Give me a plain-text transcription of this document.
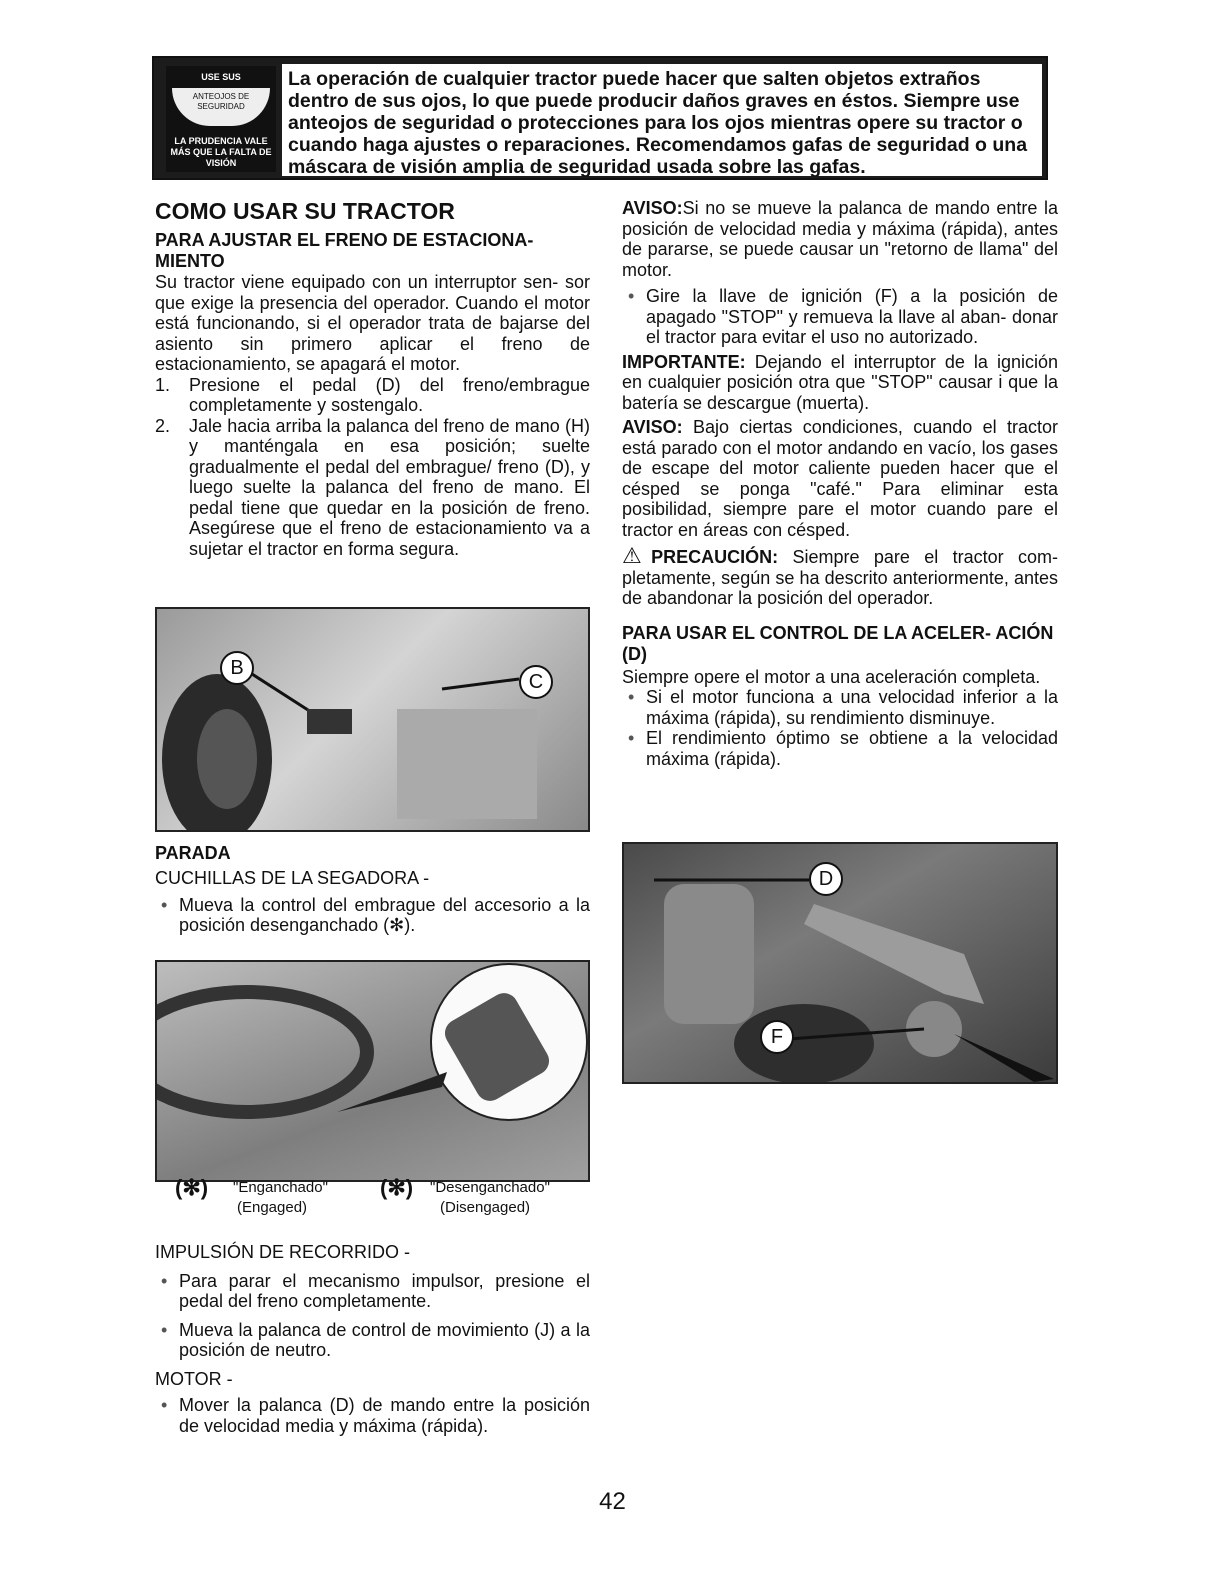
USE SUS
ANTEOJOS DE SEGURIDAD
LA PRUDENCIA VALE MÁS QUE LA FALTA DE VISIÓN
La operación de cualquier tractor puede hacer que salten objetos extraños dentro de sus ojos, lo que puede producir daños graves en éstos. Siempre use anteojos de seguridad o protecciones para los ojos mientras opere su tractor o cuando haga ajustes o reparaciones. Recomendamos gafas de seguridad o una máscara de visión amplia de seguridad usada sobre las gafas.
COMO USAR SU TRACTOR
PARA AJUSTAR EL FRENO DE ESTACIONA- MIENTO

Su tractor viene equipado con un interruptor sen- sor que exige la presencia del operador. Cuando el motor está funcionando, si el operador trata de bajarse del asiento sin primero aplicar el freno de estacionamiento, se apagará el motor.

1.	Presione el pedal (D) del freno/embrague completamente y sostengalo.
2.	Jale hacia arriba la palanca del freno de mano (H) y manténgala en esa posición; suelte gradualmente el pedal del embrague/ freno (D), y luego suelte la palanca del freno de mano. El pedal tiene que quedar en la posición de freno. Asegúrese que el freno de estacionamiento va a sujetar el tractor en forma segura.
B
C
PARADA

CUCHILLAS DE LA SEGADORA -

• Mueva la control del embrague del accesorio a la posición desenganchado (✻).
(✻)	"Enganchado"
(Engaged)
(✻)	"Desenganchado"
(Disengaged)

IMPULSIÓN DE RECORRIDO -

• Para parar el mecanismo impulsor, presione el pedal del freno completamente.
• Mueva la palanca de control de movimiento (J) a la posición de neutro.

MOTOR -

• Mover la palanca (D) de mando entre la posición de velocidad media y máxima (rápida).

AVISO:Si no se mueve la palanca de mando entre la posición de velocidad media y máxima (rápida), antes de pararse, se puede causar un "retorno de llama" del motor.

• Gire la llave de ignición (F) a la posición de apagado "STOP" y remueva la llave al aban- donar el tractor para evitar el uso no autorizado.

IMPORTANTE: Dejando el interruptor de la ignición en cualquier posición otra que "STOP" causar i que la batería se descargue (muerta).

AVISO: Bajo ciertas condiciones, cuando el tractor está parado con el motor andando en vacío, los gases de escape del motor caliente pueden hacer que el césped se ponga "café." Para eliminar esta posibilidad, siempre pare el motor cuando pare el tractor en áreas con césped.

⚠PRECAUCIÓN: Siempre pare el tractor com- pletamente, según se ha descrito anteriormente, antes de abandonar la posición del operador.

PARA USAR EL CONTROL DE LA ACELER- ACIÓN (D)

Siempre opere el motor a una aceleración completa.

• Si el motor funciona a una velocidad inferior a la máxima (rápida), su rendimiento disminuye.
• El rendimiento óptimo se obtiene a la velocidad máxima (rápida).
D
F
42
